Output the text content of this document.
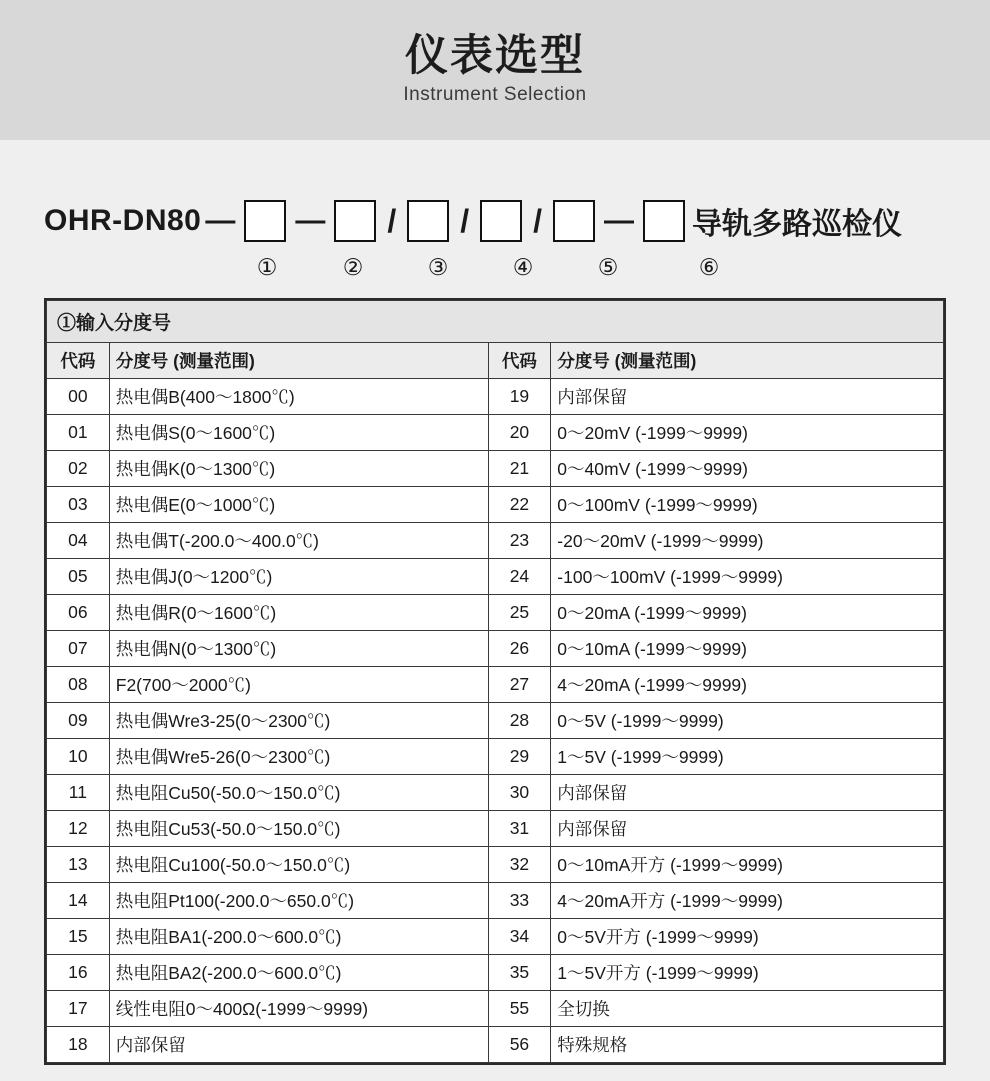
仪表选型
Instrument Selection
OHR-DN80 — — / / / — 导轨多路巡检仪
①	②	③	④	⑤	⑥
①输入分度号			
代码	分度号 (测量范围)	代码	分度号 (测量范围)
00	热电偶B(400～1800℃)	19	内部保留
01	热电偶S(0～1600℃)	20	0～20mV (-1999～9999)
02	热电偶K(0～1300℃)	21	0～40mV (-1999～9999)
03	热电偶E(0～1000℃)	22	0～100mV (-1999～9999)
04	热电偶T(-200.0～400.0℃)	23	-20～20mV (-1999～9999)
05	热电偶J(0～1200℃)	24	-100～100mV (-1999～9999)
06	热电偶R(0～1600℃)	25	0～20mA (-1999～9999)
07	热电偶N(0～1300℃)	26	0～10mA (-1999～9999)
08	F2(700～2000℃)	27	4～20mA (-1999～9999)
09	热电偶Wre3-25(0～2300℃)	28	0～5V (-1999～9999)
10	热电偶Wre5-26(0～2300℃)	29	1～5V (-1999～9999)
11	热电阻Cu50(-50.0～150.0℃)	30	内部保留
12	热电阻Cu53(-50.0～150.0℃)	31	内部保留
13	热电阻Cu100(-50.0～150.0℃)	32	0～10mA开方 (-1999～9999)
14	热电阻Pt100(-200.0～650.0℃)	33	4～20mA开方 (-1999～9999)
15	热电阻BA1(-200.0～600.0℃)	34	0～5V开方 (-1999～9999)
16	热电阻BA2(-200.0～600.0℃)	35	1～5V开方 (-1999～9999)
17	线性电阻0～400Ω(-1999～9999)	55	全切换
18	内部保留	56	特殊规格
